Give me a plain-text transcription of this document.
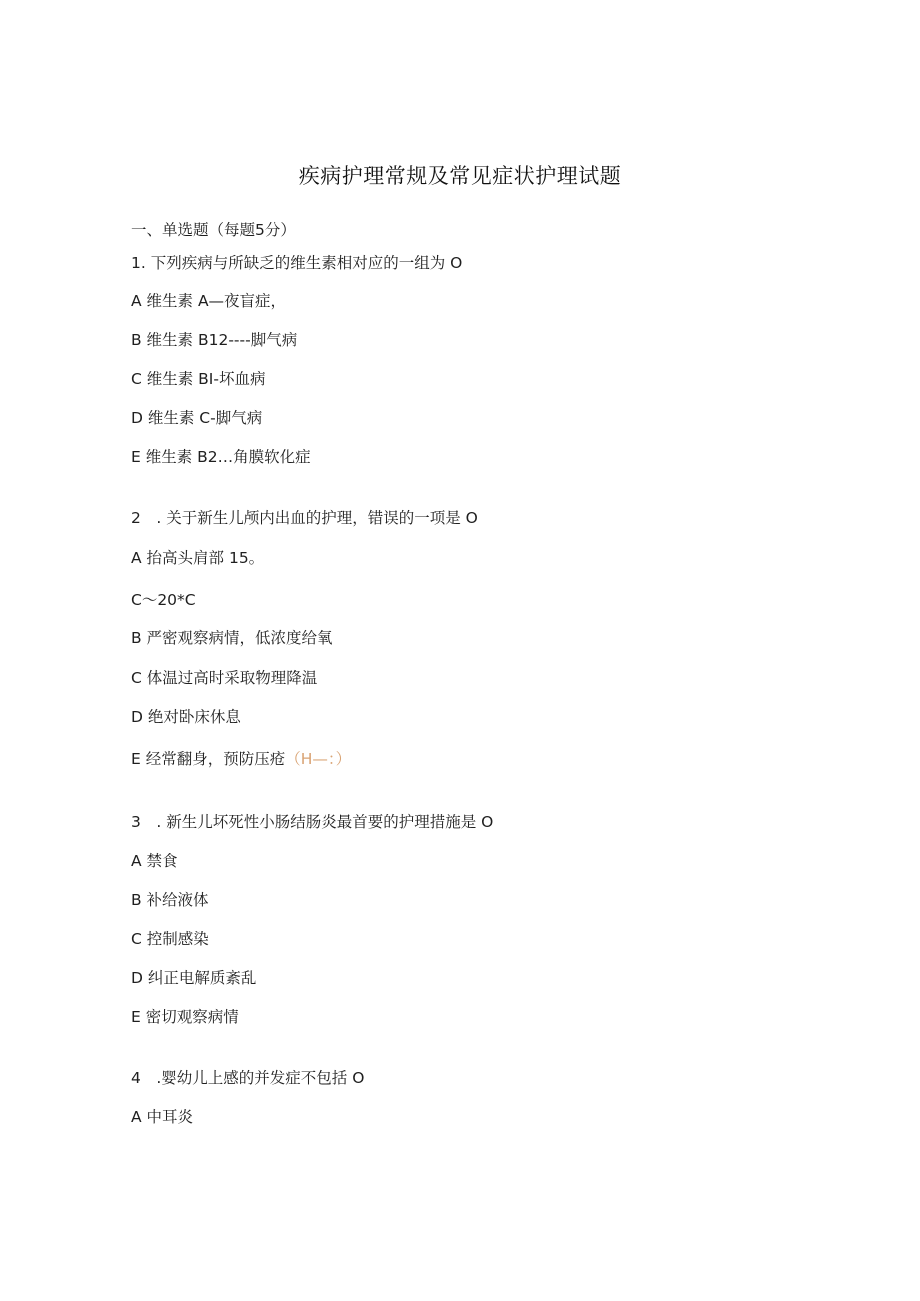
疾病护理常规及常见症状护理试题
一、单选题（每题5分）
1. 下列疾病与所缺乏的维生素相对应的一组为 O
A 维生素 A—夜盲症，
B 维生素 B12----脚气病
C 维生素 BI-坏血病
D 维生素 C-脚气病
E 维生素 B2…角膜软化症
2　. 关于新生儿颅内出血的护理，错误的一项是 O
A 抬高头肩部 15。
C～20*C
B 严密观察病情，低浓度给氧
C 体温过高时采取物理降温
D 绝对卧床休息
E 经常翻身，预防压疮（H—：）
3　. 新生儿坏死性小肠结肠炎最首要的护理措施是 O
A 禁食
B 补给液体
C 控制感染
D 纠正电解质紊乱
E 密切观察病情
4　.婴幼儿上感的并发症不包括 O
A 中耳炎
